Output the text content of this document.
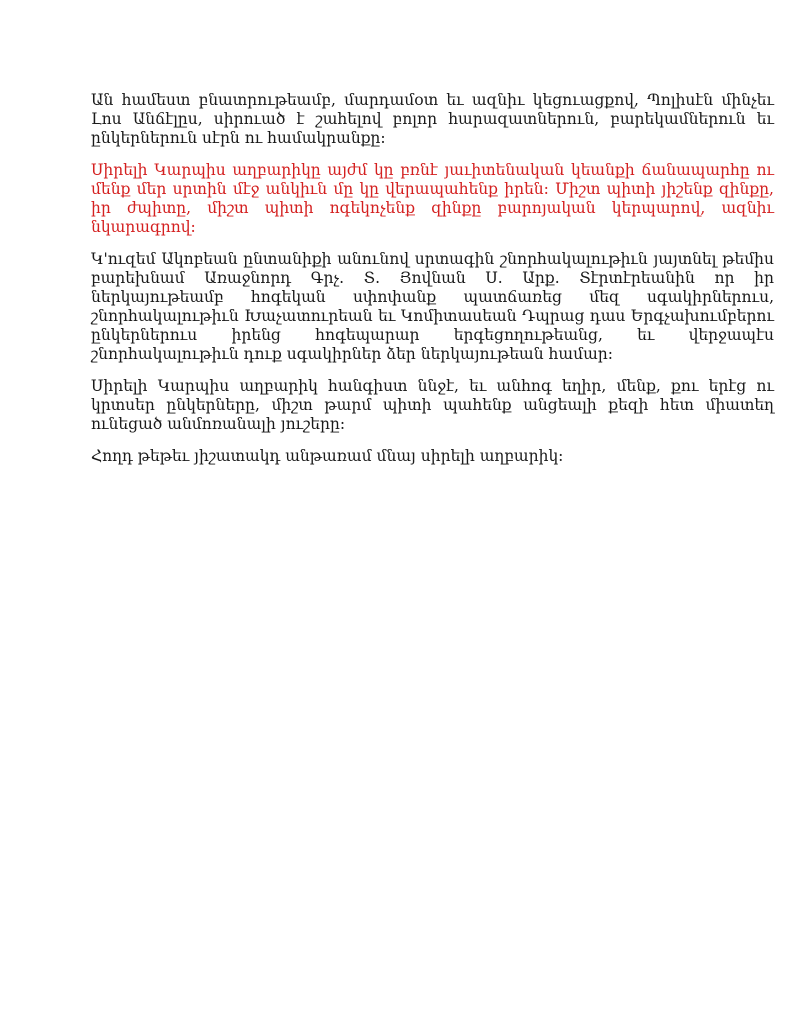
Ան համեստ բնատրութեամբ, մարդամօտ եւ ազնիւ կեցուացքով, Պոլիսէն մինչեւ Լոս Անճէլըս, սիրուած է շահելով բոլոր հարազատներուն, բարեկամներուն եւ ընկերներուն սէրն ու համակրանքը։

Սիրելի Կարպիս աղբարիկը այժմ կը բռնէ յաւիտենական կեանքի ճանապարհը ու մենք մեր սրտին մէջ անկիւն մը կը վերապահենք իրեն։ Միշտ պիտի յիշենք զինքը, իր ժպիտը, միշտ պիտի ոգեկոչենք զինքը բարոյական կերպարով, ազնիւ նկարագրով։

Կ'ուզեմ Ակոբեան ընտանիքի անունով սրտագին շնորհակալութիւն յայտնել թեմիս բարեխնամ Առաջնորդ Գրչ. Տ. Յովնան Ս. Արք. Տէրտէրեանին որ իր ներկայութեամբ հոգեկան սփոփանք պատճառեց մեզ սգակիրներուս, շնորհակալութիւն Խաչատուրեան եւ Կոմիտասեան Դպրաց դաս Երգչախումբերու ընկերներուս իրենց հոգեպարար երգեցողութեանց, եւ վերջապէս շնորհակալութիւն դուք սգակիրներ ձեր ներկայութեան համար։

Սիրելի Կարպիս աղբարիկ հանգիստ ննջէ, եւ անհոգ եղիր, մենք, քու երէց ու կրտսեր ընկերները, միշտ թարմ պիտի պահենք անցեալի քեզի հետ միատեղ ունեցած անմոռանալի յուշերը։

Հողդ թեթեւ յիշատակդ անթառամ մնայ սիրելի աղբարիկ։
